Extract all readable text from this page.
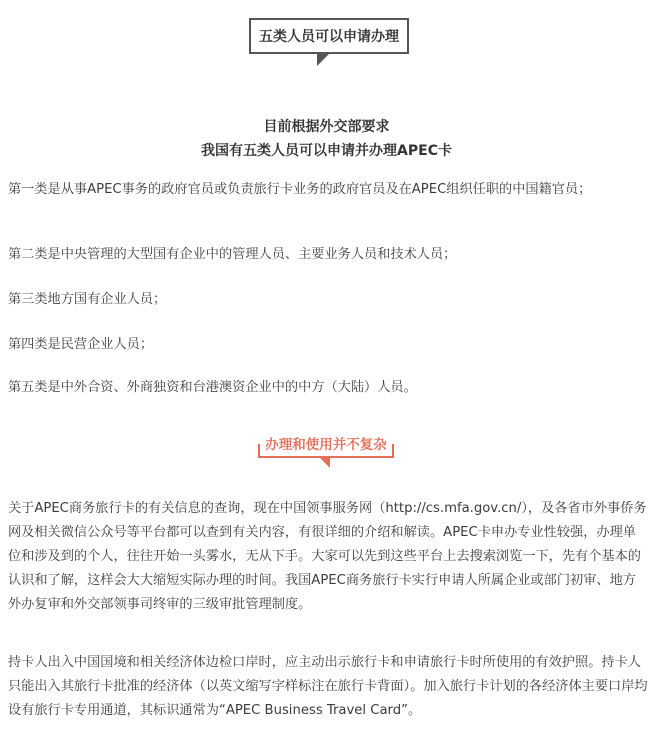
五类人员可以申请办理
目前根据外交部要求
我国有五类人员可以申请并办理APEC卡

第一类是从事APEC事务的政府官员或负责旅行卡业务的政府官员及在APEC组织任职的中国籍官员；

第二类是中央管理的大型国有企业中的管理人员、主要业务人员和技术人员；

第三类地方国有企业人员；

第四类是民营企业人员；

第五类是中外合资、外商独资和台港澳资企业中的中方（大陆）人员。

办理和使用并不复杂

关于APEC商务旅行卡的有关信息的查询，现在中国领事服务网（http://cs.mfa.gov.cn/），及各省市外事侨务网及相关微信公众号等平台都可以查到有关内容，有很详细的介绍和解读。APEC卡申办专业性较强，办理单位和涉及到的个人，往往开始一头雾水，无从下手。大家可以先到这些平台上去搜索浏览一下，先有个基本的认识和了解，这样会大大缩短实际办理的时间。我国APEC商务旅行卡实行申请人所属企业或部门初审、地方外办复审和外交部领事司终审的三级审批管理制度。

持卡人出入中国国境和相关经济体边检口岸时，应主动出示旅行卡和申请旅行卡时所使用的有效护照。持卡人只能出入其旅行卡批准的经济体（以英文缩写字样标注在旅行卡背面）。加入旅行卡计划的各经济体主要口岸均设有旅行卡专用通道，其标识通常为“APEC Business Travel Card”。
